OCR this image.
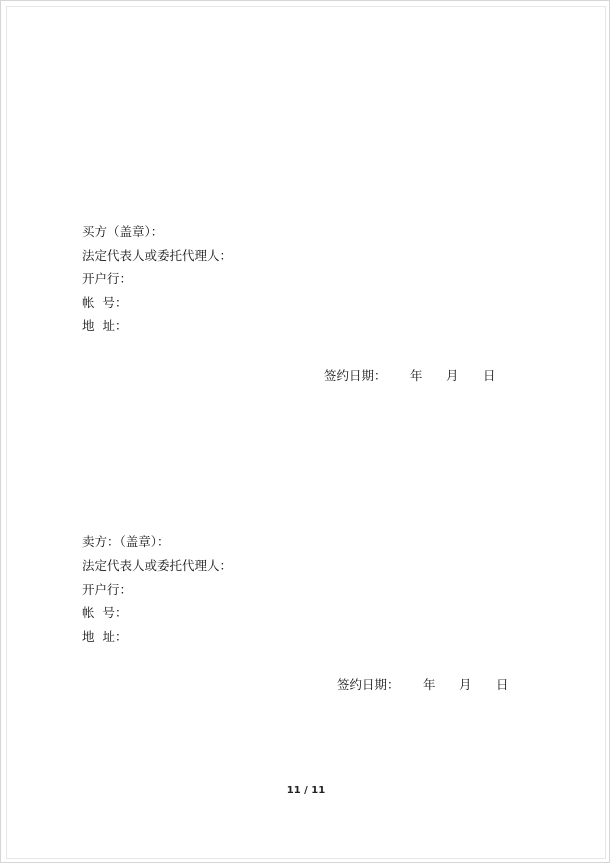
买方（盖章）：
法定代表人或委托代理人：
开户行：
帐  号：
地  址：
签约日期： 年 月 日
卖方：（盖章）：
法定代表人或委托代理人：
开户行：
帐  号：
地  址：
签约日期： 年 月 日
11 / 11
